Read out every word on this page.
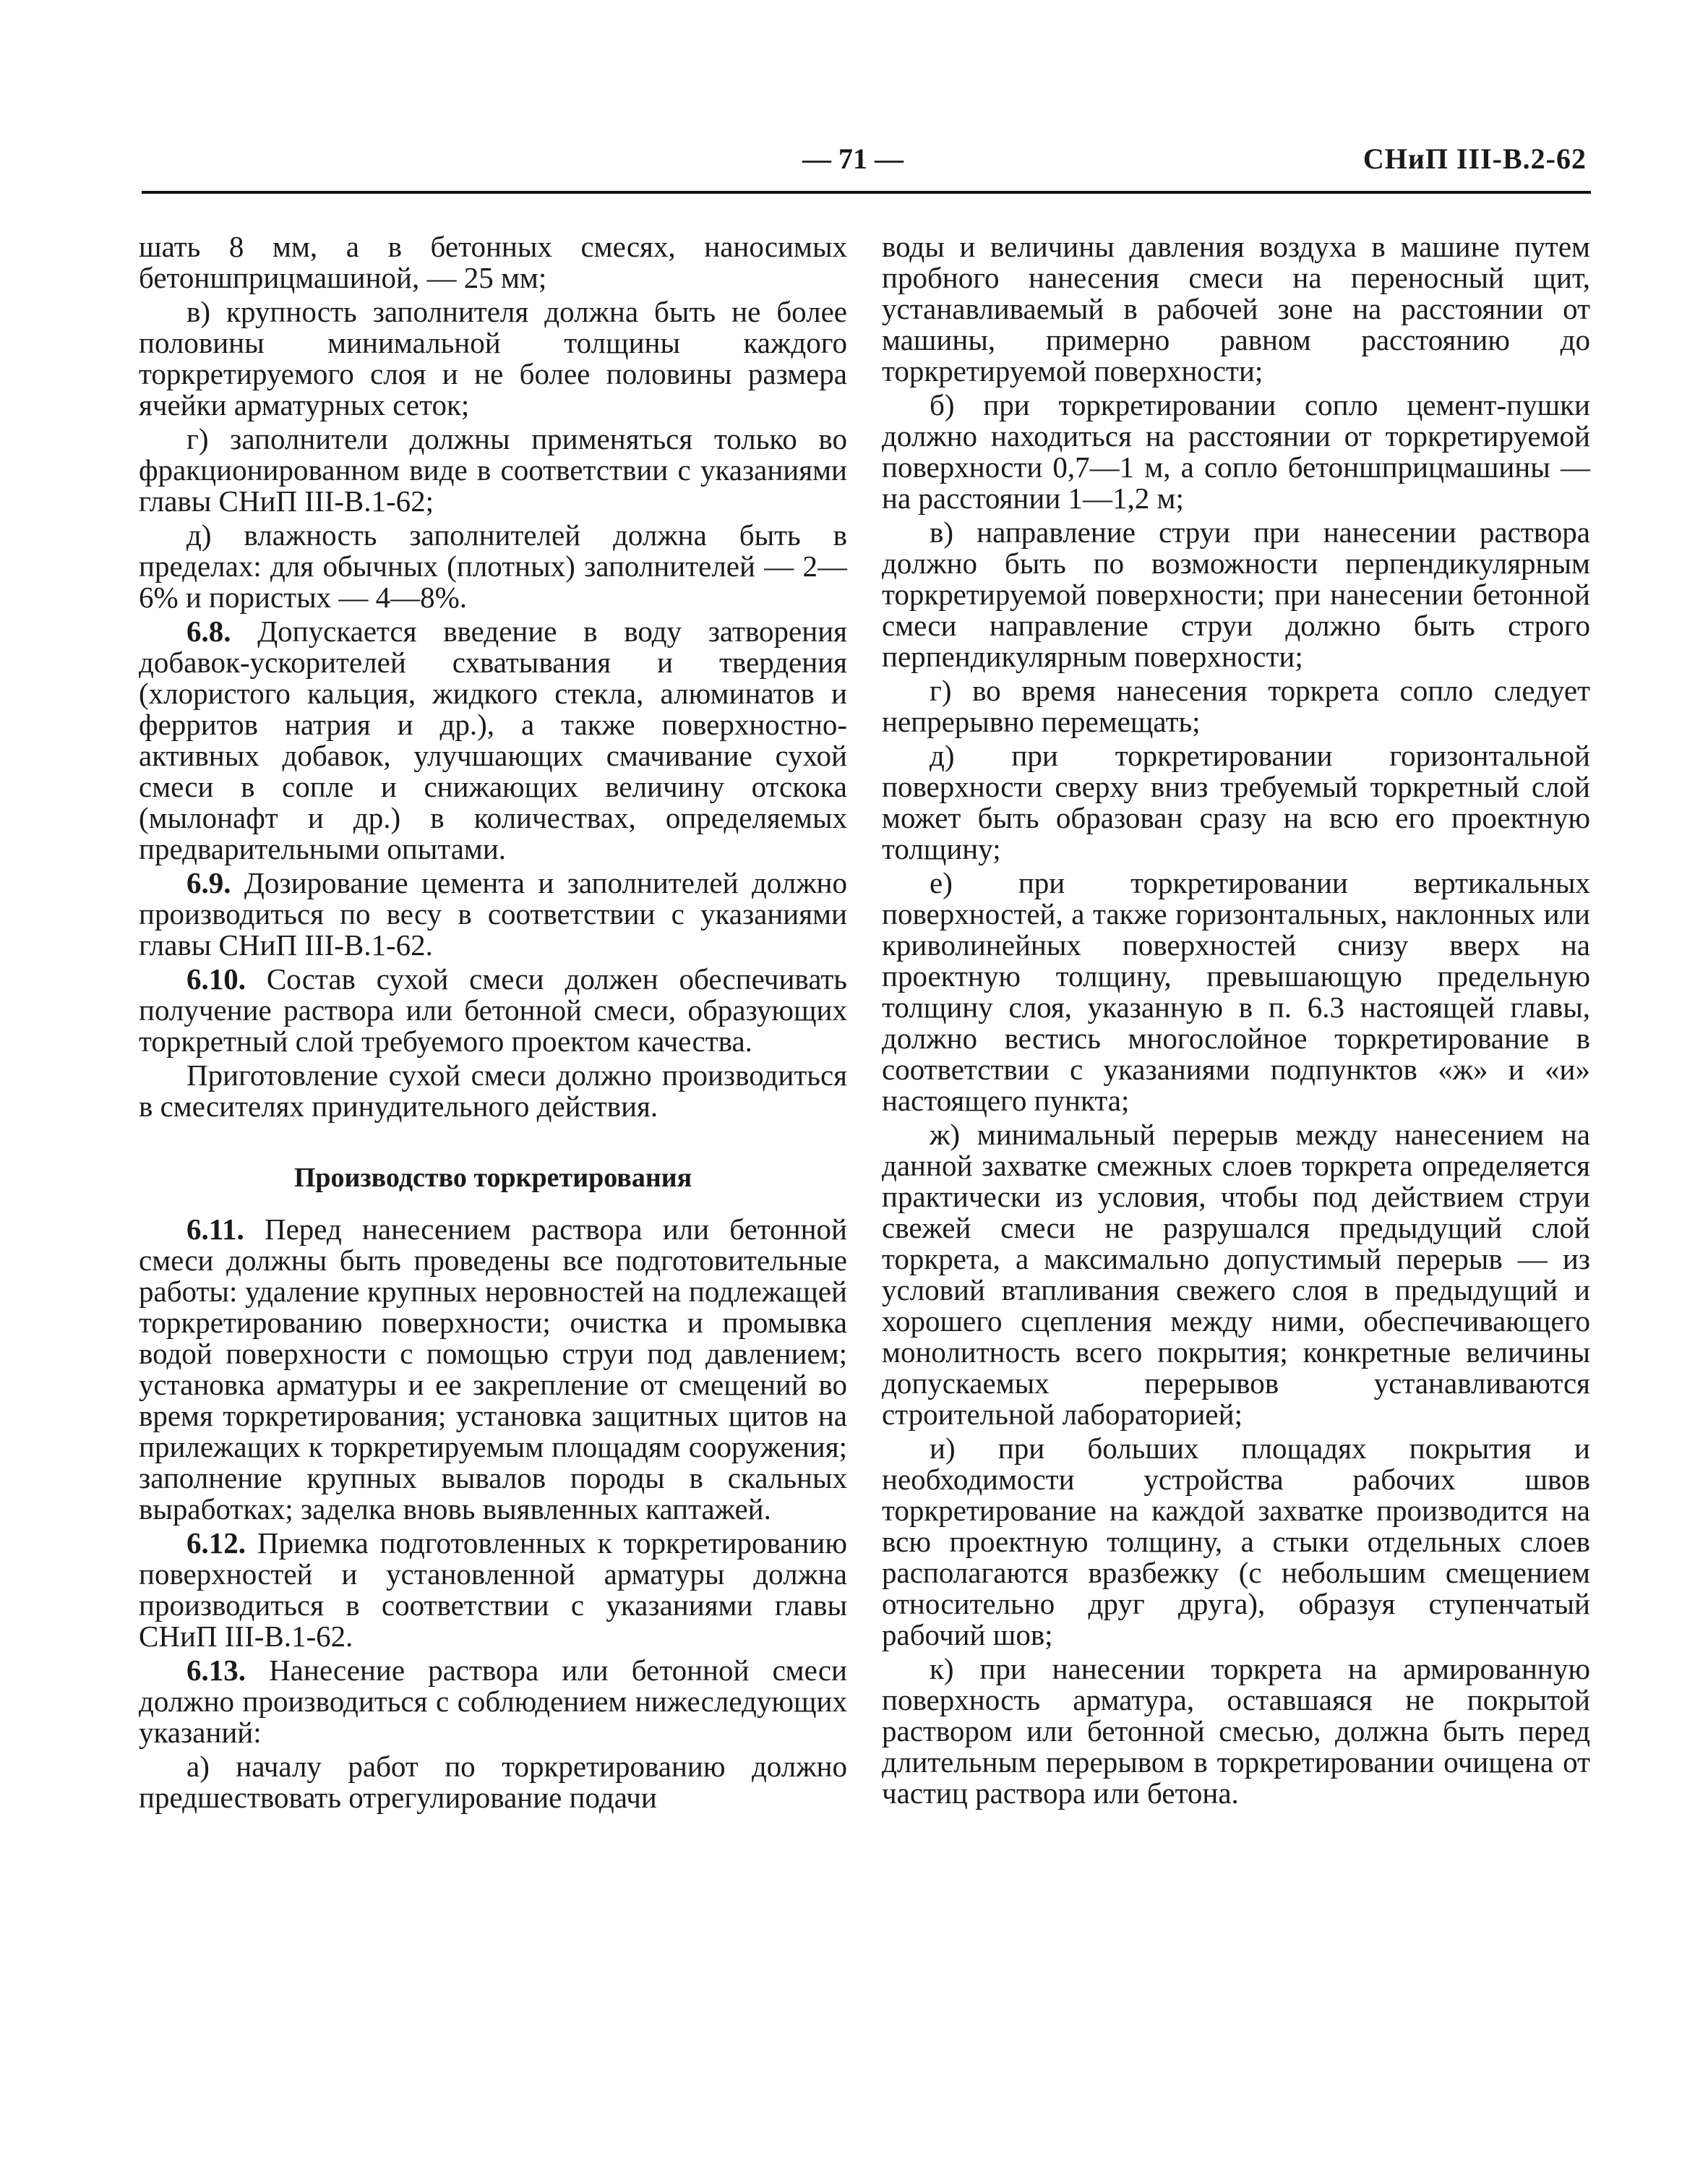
— 71 —	СНиП III-В.2-62

шать 8 мм, а в бетонных смесях, наносимых бетоншприцмашиной, — 25 мм;

в) крупность заполнителя должна быть не более половины минимальной толщины каждого торкретируемого слоя и не более половины размера ячейки арматурных сеток;

г) заполнители должны применяться только во фракционированном виде в соответствии с указаниями главы СНиП III-В.1-62;

д) влажность заполнителей должна быть в пределах: для обычных (плотных) заполнителей — 2—6% и пористых — 4—8%.

6.8. Допускается введение в воду затворения добавок-ускорителей схватывания и твердения (хлористого кальция, жидкого стекла, алюминатов и ферритов натрия и др.), а также поверхностно-активных добавок, улучшающих смачивание сухой смеси в сопле и снижающих величину отскока (мылонафт и др.) в количествах, определяемых предварительными опытами.

6.9. Дозирование цемента и заполнителей должно производиться по весу в соответствии с указаниями главы СНиП III-В.1-62.

6.10. Состав сухой смеси должен обеспечивать получение раствора или бетонной смеси, образующих торкретный слой требуемого проектом качества.

Приготовление сухой смеси должно производиться в смесителях принудительного действия.

Производство торкретирования

6.11. Перед нанесением раствора или бетонной смеси должны быть проведены все подготовительные работы: удаление крупных неровностей на подлежащей торкретированию поверхности; очистка и промывка водой поверхности с помощью струи под давлением; установка арматуры и ее закрепление от смещений во время торкретирования; установка защитных щитов на прилежащих к торкретируемым площадям сооружения; заполнение крупных вывалов породы в скальных выработках; заделка вновь выявленных каптажей.

6.12. Приемка подготовленных к торкретированию поверхностей и установленной арматуры должна производиться в соответствии с указаниями главы СНиП III-В.1-62.

6.13. Нанесение раствора или бетонной смеси должно производиться с соблюдением нижеследующих указаний:

а) началу работ по торкретированию должно предшествовать отрегулирование подачи

воды и величины давления воздуха в машине путем пробного нанесения смеси на переносный щит, устанавливаемый в рабочей зоне на расстоянии от машины, примерно равном расстоянию до торкретируемой поверхности;

б) при торкретировании сопло цемент-пушки должно находиться на расстоянии от торкретируемой поверхности 0,7—1 м, а сопло бетоншприцмашины — на расстоянии 1—1,2 м;

в) направление струи при нанесении раствора должно быть по возможности перпендикулярным торкретируемой поверхности; при нанесении бетонной смеси направление струи должно быть строго перпендикулярным поверхности;

г) во время нанесения торкрета сопло следует непрерывно перемещать;

д) при торкретировании горизонтальной поверхности сверху вниз требуемый торкретный слой может быть образован сразу на всю его проектную толщину;

е) при торкретировании вертикальных поверхностей, а также горизонтальных, наклонных или криволинейных поверхностей снизу вверх на проектную толщину, превышающую предельную толщину слоя, указанную в п. 6.3 настоящей главы, должно вестись многослойное торкретирование в соответствии с указаниями подпунктов «ж» и «и» настоящего пункта;

ж) минимальный перерыв между нанесением на данной захватке смежных слоев торкрета определяется практически из условия, чтобы под действием струи свежей смеси не разрушался предыдущий слой торкрета, а максимально допустимый перерыв — из условий втапливания свежего слоя в предыдущий и хорошего сцепления между ними, обеспечивающего монолитность всего покрытия; конкретные величины допускаемых перерывов устанавливаются строительной лабораторией;

и) при больших площадях покрытия и необходимости устройства рабочих швов торкретирование на каждой захватке производится на всю проектную толщину, а стыки отдельных слоев располагаются вразбежку (с небольшим смещением относительно друг друга), образуя ступенчатый рабочий шов;

к) при нанесении торкрета на армированную поверхность арматура, оставшаяся не покрытой раствором или бетонной смесью, должна быть перед длительным перерывом в торкретировании очищена от частиц раствора или бетона.
